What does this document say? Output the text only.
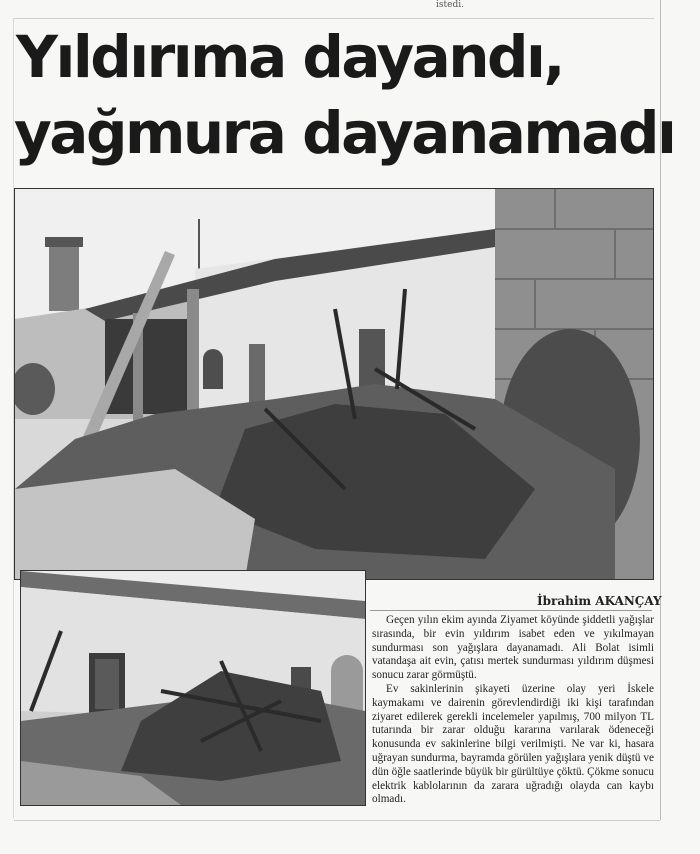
istedi.
Yıldırıma dayandı,
yağmura dayanamadı
İbrahim AKANÇAY

Geçen yılın ekim ayında Ziyamet köyünde şiddetli yağışlar sırasında, bir evin yıldırım isabet eden ve yıkılmayan sundurması son yağışlara dayanamadı. Ali Bolat isimli vatandaşa ait evin, çatısı mertek sundurması yıldırım düşmesi sonucu zarar görmüştü.

Ev sakinlerinin şikayeti üzerine olay yeri İskele kaymakamı ve dairenin görevlendirdiği iki kişi tarafından ziyaret edilerek gerekli incelemeler yapılmış, 700 milyon TL tutarında bir zarar olduğu kararına varılarak ödeneceği konusunda ev sakinlerine bilgi verilmişti. Ne var ki, hasara uğrayan sundurma, bayramda görülen yağışlara yenik düştü ve dün öğle saatlerinde büyük bir gürültüye çöktü. Çökme sonucu elektrik kablolarının da zarara uğradığı olayda can kaybı olmadı.
